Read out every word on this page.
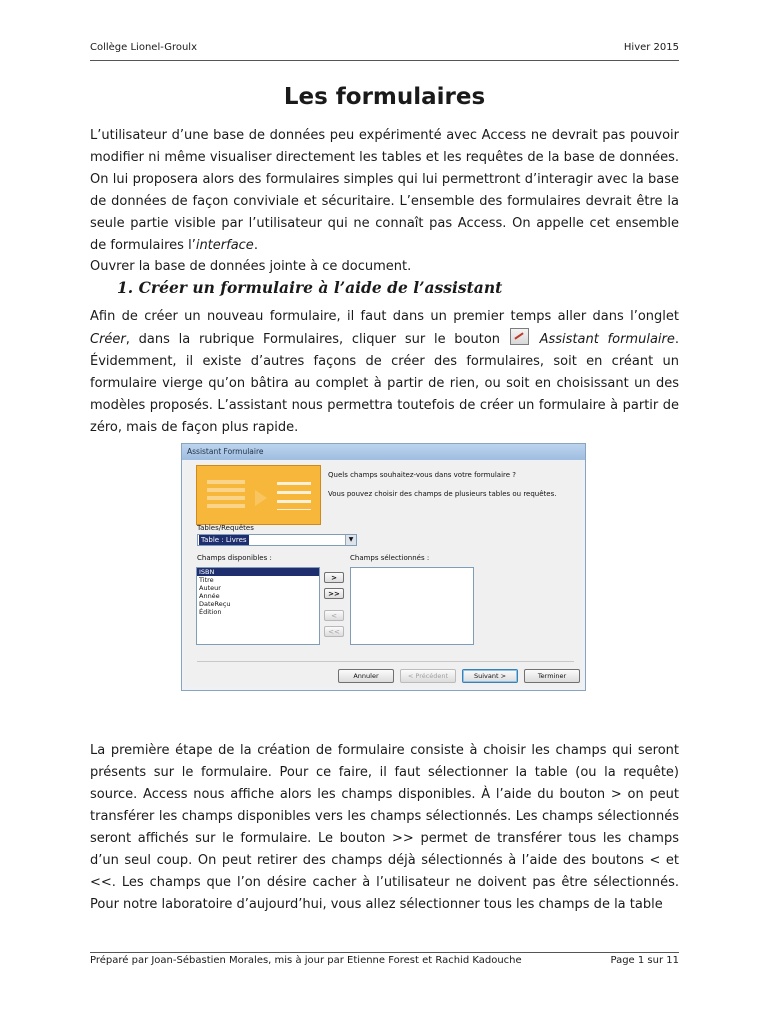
Collège Lionel-Groulx	Hiver 2015
Les formulaires

L’utilisateur d’une base de données peu expérimenté avec Access ne devrait pas pouvoir modifier ni même visualiser directement les tables et les requêtes de la base de données. On lui proposera alors des formulaires simples qui lui permettront d’interagir avec la base de données de façon conviviale et sécuritaire. L’ensemble des formulaires devrait être la seule partie visible par l’utilisateur qui ne connaît pas Access. On appelle cet ensemble de formulaires l’interface.

Ouvrer la base de données jointe à ce document.

1. Créer un formulaire à l’aide de l’assistant

Afin de créer un nouveau formulaire, il faut dans un premier temps aller dans l’onglet Créer, dans la rubrique Formulaires, cliquer sur le bouton  Assistant formulaire. Évidemment, il existe d’autres façons de créer des formulaires, soit en créant un formulaire vierge qu’on bâtira au complet à partir de rien, ou soit en choisissant un des modèles proposés. L’assistant nous permettra toutefois de créer un formulaire à partir de zéro, mais de façon plus rapide.

Assistant Formulaire
Quels champs souhaitez-vous dans votre formulaire ?
Vous pouvez choisir des champs de plusieurs tables ou requêtes.
Tables/Requêtes
Table : Livres	▼
Champs disponibles :	Champs sélectionnés :
ISBN
Titre
Auteur
Année
DateReçu
Édition
>
>>
<
<<
Annuler	< Précédent	Suivant >	Terminer

La première étape de la création de formulaire consiste à choisir les champs qui seront présents sur le formulaire. Pour ce faire, il faut sélectionner la table (ou la requête) source. Access nous affiche alors les champs disponibles. À l’aide du bouton > on peut transférer les champs disponibles vers les champs sélectionnés. Les champs sélectionnés seront affichés sur le formulaire. Le bouton >> permet de transférer tous les champs d’un seul coup. On peut retirer des champs déjà sélectionnés à l’aide des boutons < et <<. Les champs que l’on désire cacher à l’utilisateur ne doivent pas être sélectionnés. Pour notre laboratoire d’aujourd’hui, vous allez sélectionner tous les champs de la table

Préparé par Joan-Sébastien Morales, mis à jour par Etienne Forest et Rachid Kadouche	Page 1 sur 11
